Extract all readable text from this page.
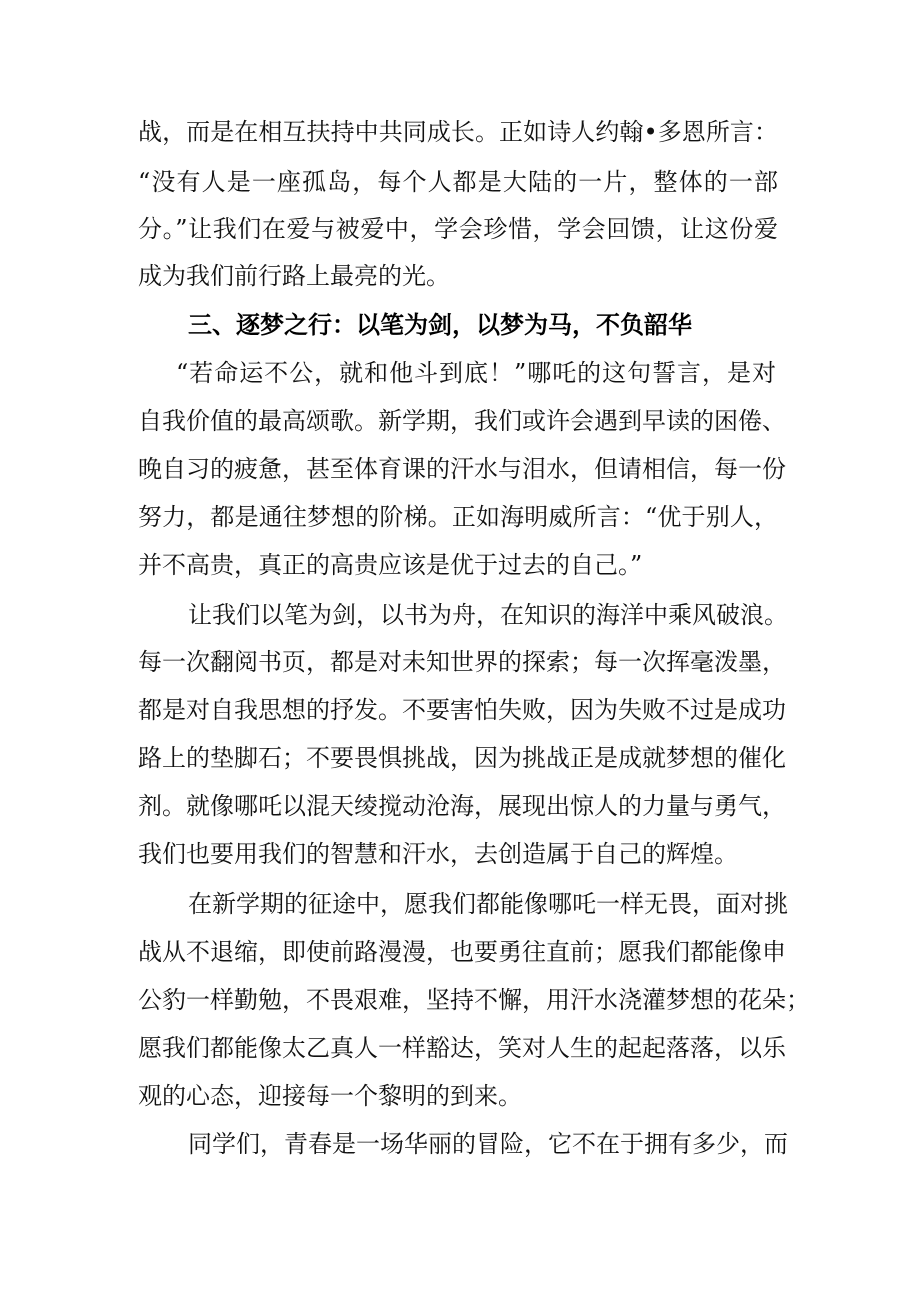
战，而是在相互扶持中共同成长。正如诗人约翰•多恩所言：

“没有人是一座孤岛，每个人都是大陆的一片，整体的一部

分。”让我们在爱与被爱中，学会珍惜，学会回馈，让这份爱

成为我们前行路上最亮的光。

三、逐梦之行：以笔为剑，以梦为马，不负韶华

“若命运不公，就和他斗到底！”哪吒的这句誓言，是对

自我价值的最高颂歌。新学期，我们或许会遇到早读的困倦、

晚自习的疲惫，甚至体育课的汗水与泪水，但请相信，每一份

努力，都是通往梦想的阶梯。正如海明威所言：“优于别人，

并不高贵，真正的高贵应该是优于过去的自己。”

让我们以笔为剑，以书为舟，在知识的海洋中乘风破浪。

每一次翻阅书页，都是对未知世界的探索；每一次挥毫泼墨，

都是对自我思想的抒发。不要害怕失败，因为失败不过是成功

路上的垫脚石；不要畏惧挑战，因为挑战正是成就梦想的催化

剂。就像哪吒以混天绫搅动沧海，展现出惊人的力量与勇气，

我们也要用我们的智慧和汗水，去创造属于自己的辉煌。

在新学期的征途中，愿我们都能像哪吒一样无畏，面对挑

战从不退缩，即使前路漫漫，也要勇往直前；愿我们都能像申

公豹一样勤勉，不畏艰难，坚持不懈，用汗水浇灌梦想的花朵；

愿我们都能像太乙真人一样豁达，笑对人生的起起落落，以乐

观的心态，迎接每一个黎明的到来。

同学们，青春是一场华丽的冒险，它不在于拥有多少，而
